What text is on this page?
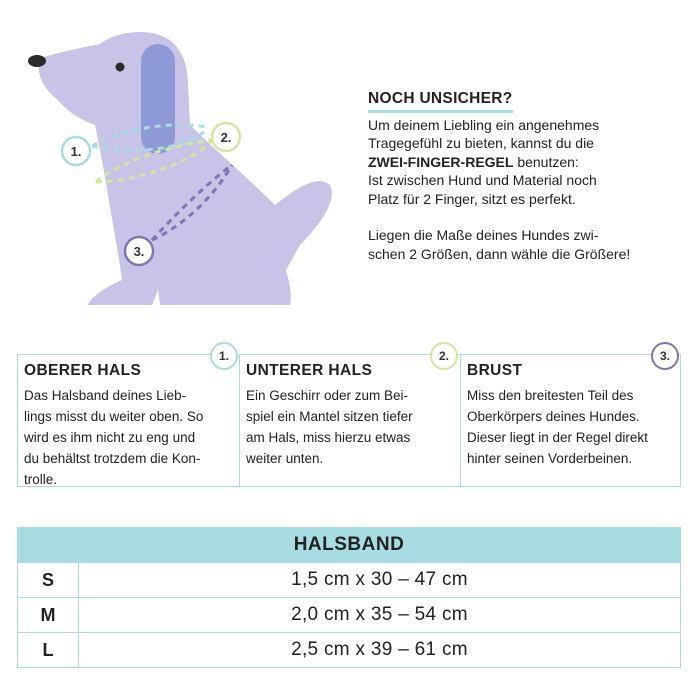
1.
2.
3.
NOCH UNSICHER?

Um deinem Liebling ein angenehmes

Tragegefühl zu bieten, kannst du die

ZWEI-FINGER-REGEL benutzen:

Ist zwischen Hund und Material noch

Platz für 2 Finger, sitzt es perfekt.

Liegen die Maße deines Hundes zwi-

schen 2 Größen, dann wähle die Größere!

1.
OBERER HALS
Das Halsband deines Lieb-
lings misst du weiter oben. So
wird es ihm nicht zu eng und
du behältst trotzdem die Kon-
trolle.
2.
UNTERER HALS
Ein Geschirr oder zum Bei-
spiel ein Mantel sitzen tiefer
am Hals, miss hierzu etwas
weiter unten.
3.
BRUST
Miss den breitesten Teil des
Oberkörpers deines Hundes.
Dieser liegt in der Regel direkt
hinter seinen Vorderbeinen.
HALSBAND
S	1,5 cm x 30 – 47 cm
M	2,0 cm x 35 – 54 cm
L	2,5 cm x 39 – 61 cm
